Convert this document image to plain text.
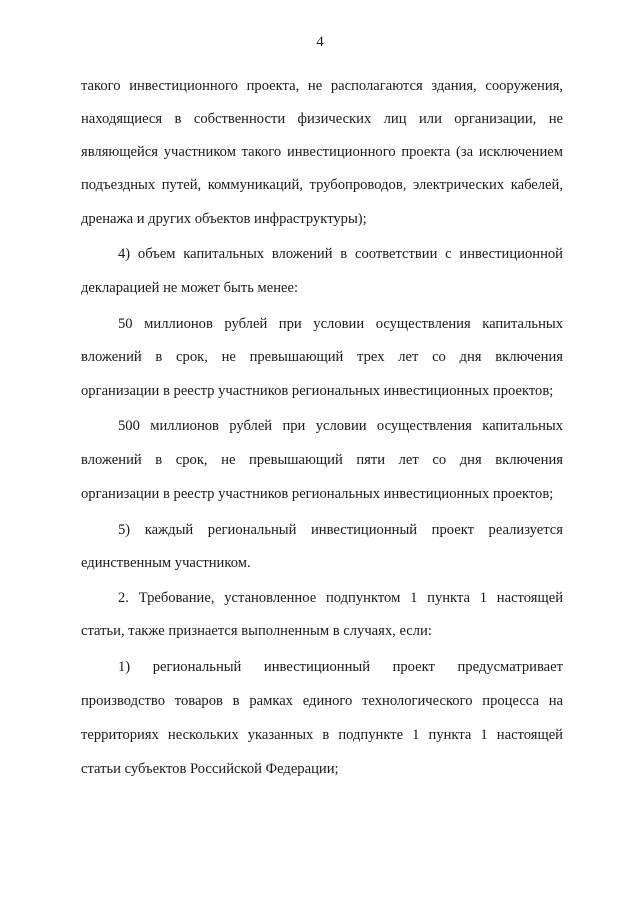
4
такого инвестиционного проекта, не располагаются здания, сооружения,
находящиеся в собственности физических лиц или организации, не
являющейся участником такого инвестиционного проекта (за исключением
подъездных путей, коммуникаций, трубопроводов, электрических кабелей,
дренажа и других объектов инфраструктуры);
4) объем капитальных вложений в соответствии с инвестиционной
декларацией не может быть менее:
50 миллионов рублей при условии осуществления капитальных
вложений в срок, не превышающий трех лет со дня включения
организации в реестр участников региональных инвестиционных проектов;
500 миллионов рублей при условии осуществления капитальных
вложений в срок, не превышающий пяти лет со дня включения
организации в реестр участников региональных инвестиционных проектов;
5) каждый региональный инвестиционный проект реализуется
единственным участником.
2. Требование, установленное подпунктом 1 пункта 1 настоящей
статьи, также признается выполненным в случаях, если:
1) региональный инвестиционный проект предусматривает
производство товаров в рамках единого технологического процесса на
территориях нескольких указанных в подпункте 1 пункта 1 настоящей
статьи субъектов Российской Федерации;
